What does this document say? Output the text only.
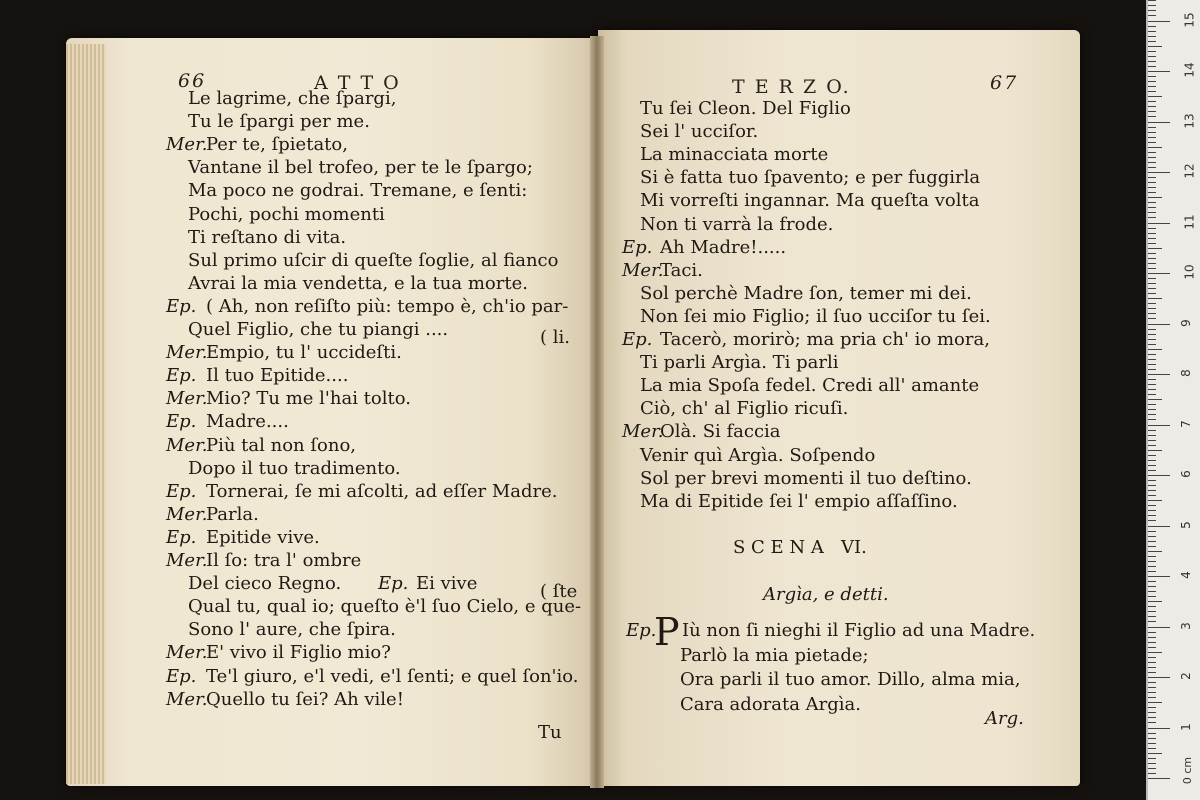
66	A T T O	T E R Z O.	67
Le lagrime, che ſpargi,
Tu le ſpargi per me.
Mer.
Per te, ſpietato,
Vantane il bel trofeo, per te le ſpargo;
Ma poco ne godrai. Tremane, e ſenti:
Pochi, pochi momenti
Ti reſtano di vita.
Sul primo uſcir di queſte ſoglie, al fianco
Avrai la mia vendetta, e la tua morte.
Ep. ( Ah, non reſiſto più: tempo è, ch'io par-
Quel Figlio, che tu piangi ....	( li.
Mer.
Empio, tu l' uccideſti.
Ep. Il tuo Epitide....
Mer.
Mio? Tu me l'hai tolto.
Ep. Madre....
Mer.
Più tal non ſono,
Dopo il tuo tradimento.
Ep. Tornerai, ſe mi aſcolti, ad eſſer Madre.
Mer.
Parla.
Ep. Epitide vive.
Mer.
Il ſo: tra l' ombre
Del cieco Regno. Ep. Ei vive	( ſte
Qual tu, qual io; queſto è'l ſuo Cielo, e que-
Sono l' aure, che ſpira.
Mer.
E' vivo il Figlio mio?
Ep. Te'l giuro, e'l vedi, e'l ſenti; e quel ſon'io.
Mer.
Quello tu ſei? Ah vile!
Tu ſei Cleon. Del Figlio
Sei l' ucciſor.
La minacciata morte
Si è fatta tuo ſpavento; e per fuggirla
Mi vorreſti ingannar. Ma queſta volta
Non ti varrà la frode.
Ep. Ah Madre!.....
Mer.
Taci.
Sol perchè Madre ſon, temer mi dei.
Non ſei mio Figlio; il ſuo ucciſor tu ſei.
Ep. Tacerò, morirò; ma pria ch' io mora,
Ti parli Argìa. Ti parli
La mia Spoſa fedel. Credi all' amante
Ciò, ch' al Figlio ricuſi.
Mer.
Olà. Si faccia
Venir quì Argìa. Soſpendo
Sol per brevi momenti il tuo deſtino.
Ma di Epitide ſei l' empio aſſaſſino.
Ep.
P Iù non ſi nieghi il Figlio ad una Madre.
Parlò la mia pietade;
Ora parli il tuo amor. Dillo, alma mia,
Cara adorata Argìa.
Tu
S C E N A   VI.
Argìa, e detti.
Arg.
0 cm
1
2
3
4
5
6
7
8
9
10
11
12
13
14
15
